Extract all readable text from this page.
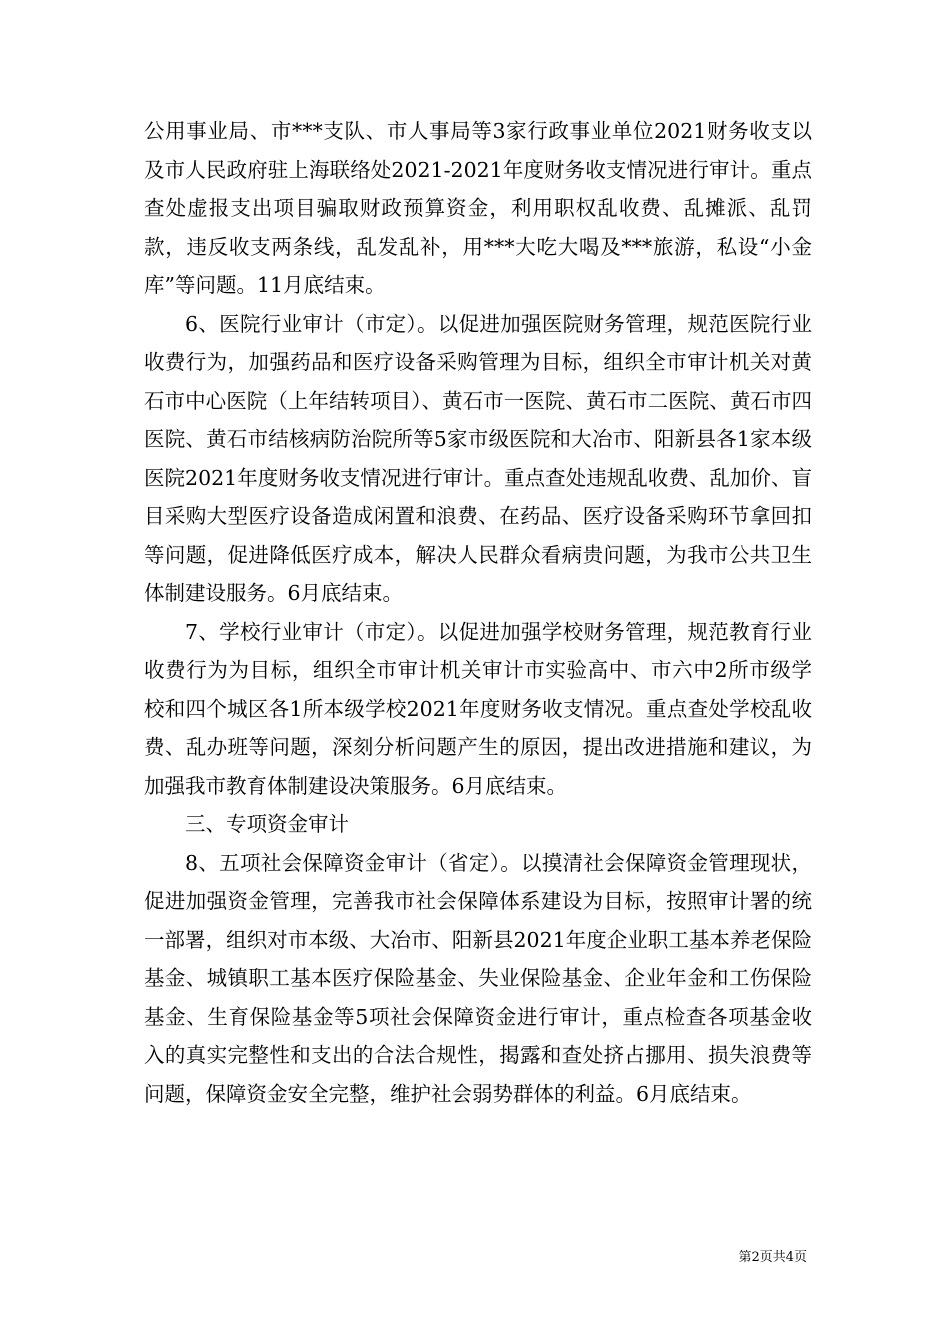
公用事业局、市***支队、市人事局等3家行政事业单位2021财务收支以及市人民政府驻上海联络处2021-2021年度财务收支情况进行审计。重点查处虚报支出项目骗取财政预算资金，利用职权乱收费、乱摊派、乱罚款，违反收支两条线，乱发乱补，用***大吃大喝及***旅游，私设“小金库”等问题。11月底结束。

6、医院行业审计（市定）。以促进加强医院财务管理，规范医院行业收费行为，加强药品和医疗设备采购管理为目标，组织全市审计机关对黄石市中心医院（上年结转项目）、黄石市一医院、黄石市二医院、黄石市四医院、黄石市结核病防治院所等5家市级医院和大冶市、阳新县各1家本级医院2021年度财务收支情况进行审计。重点查处违规乱收费、乱加价、盲目采购大型医疗设备造成闲置和浪费、在药品、医疗设备采购环节拿回扣等问题，促进降低医疗成本，解决人民群众看病贵问题，为我市公共卫生体制建设服务。6月底结束。

7、学校行业审计（市定）。以促进加强学校财务管理，规范教育行业收费行为为目标，组织全市审计机关审计市实验高中、市六中2所市级学校和四个城区各1所本级学校2021年度财务收支情况。重点查处学校乱收费、乱办班等问题，深刻分析问题产生的原因，提出改进措施和建议，为加强我市教育体制建设决策服务。6月底结束。

三、专项资金审计

8、五项社会保障资金审计（省定）。以摸清社会保障资金管理现状，促进加强资金管理，完善我市社会保障体系建设为目标，按照审计署的统一部署，组织对市本级、大冶市、阳新县2021年度企业职工基本养老保险基金、城镇职工基本医疗保险基金、失业保险基金、企业年金和工伤保险基金、生育保险基金等5项社会保障资金进行审计，重点检查各项基金收入的真实完整性和支出的合法合规性，揭露和查处挤占挪用、损失浪费等问题，保障资金安全完整，维护社会弱势群体的利益。6月底结束。

第2页共4页
